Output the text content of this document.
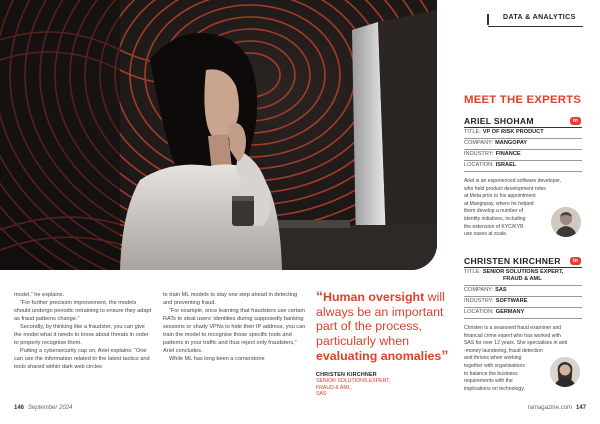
model,” he explains.

“For further precision improvement, the models should undergo periodic retraining to ensure they adapt as fraud patterns change.”

Secondly, by thinking like a fraudster, you can give the model what it needs to know about threats in order to properly recognise them.

Putting a cybersecurity cap on, Ariel explains: “One can use the information related to the latest tactics and tools shared within dark web circles

to train ML models to stay one step ahead in detecting and preventing fraud.

“For example, once learning that fraudsters use certain RATs to steal users’ identities during supposedly banking sessions or shady VPNs to hide their IP address, you can train the model to recognise those specific tools and patterns in your traffic and thus reject only fraudsters,” Ariel concludes.

While ML has long been a cornerstone

“Human oversight will always be an important part of the process, particularly when evaluating anomalies”
CHRISTEN KIRCHNER
SENIOR SOLUTIONS EXPERT,
FRAUD & AML,
SAS
146 September 2024	ramagazine.com 147
DATA & ANALYTICS
MEET THE EXPERTS
ARIEL SHOHAM	in
TITLE: VP OF RISK PRODUCT
COMPANY: MANGOPAY
INDUSTRY: FINANCE
LOCATION: ISRAEL
Ariel is an experienced software developer,
who held product development roles
at Meta prior to his appointment
at Mangopay, where he helped
them develop a number of
identity initiatives, including
the extension of KYC/KYB
use cases at scale.
CHRISTEN KIRCHNER	in
TITLE: SENIOR SOLUTIONS EXPERT,
FRAUD & AML
COMPANY: SAS
INDUSTRY: SOFTWARE
LOCATION: GERMANY
Christen is a seasoned fraud examiner and
financial crime expert who has worked with
SAS for over 12 years. She specialises in anti
-money laundering, fraud detection
and thrives when working
together with organisations
to balance the business
requirements with the
implications on technology.
